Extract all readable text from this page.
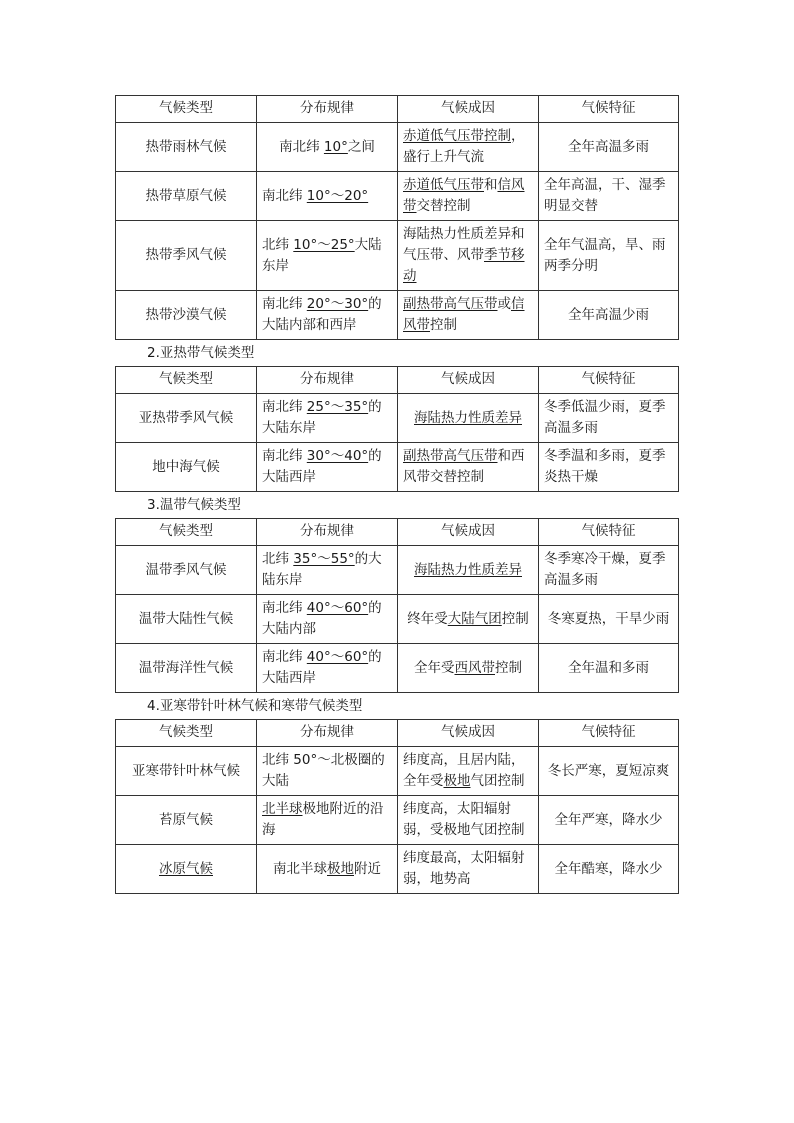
气候类型	分布规律	气候成因	气候特征
热带雨林气候	南北纬 10°之间	赤道低气压带控制，盛行上升气流	全年高温多雨
热带草原气候	南北纬 10°～20°	赤道低气压带和信风带交替控制	全年高温，干、湿季明显交替
热带季风气候	北纬 10°～25°大陆东岸	海陆热力性质差异和气压带、风带季节移动	全年气温高，旱、雨两季分明
热带沙漠气候	南北纬 20°～30°的大陆内部和西岸	副热带高气压带或信风带控制	全年高温少雨
2.亚热带气候类型
气候类型	分布规律	气候成因	气候特征
亚热带季风气候	南北纬 25°～35°的大陆东岸	海陆热力性质差异	冬季低温少雨，夏季高温多雨
地中海气候	南北纬 30°～40°的大陆西岸	副热带高气压带和西风带交替控制	冬季温和多雨，夏季炎热干燥
3.温带气候类型
气候类型	分布规律	气候成因	气候特征
温带季风气候	北纬 35°～55°的大陆东岸	海陆热力性质差异	冬季寒冷干燥，夏季高温多雨
温带大陆性气候	南北纬 40°～60°的大陆内部	终年受大陆气团控制	冬寒夏热，干旱少雨
温带海洋性气候	南北纬 40°～60°的大陆西岸	全年受西风带控制	全年温和多雨
4.亚寒带针叶林气候和寒带气候类型
气候类型	分布规律	气候成因	气候特征
亚寒带针叶林气候	北纬 50°～北极圈的大陆	纬度高，且居内陆，全年受极地气团控制	冬长严寒，夏短凉爽
苔原气候	北半球极地附近的沿海	纬度高，太阳辐射弱，受极地气团控制	全年严寒，降水少
冰原气候	南北半球极地附近	纬度最高，太阳辐射弱，地势高	全年酷寒，降水少
